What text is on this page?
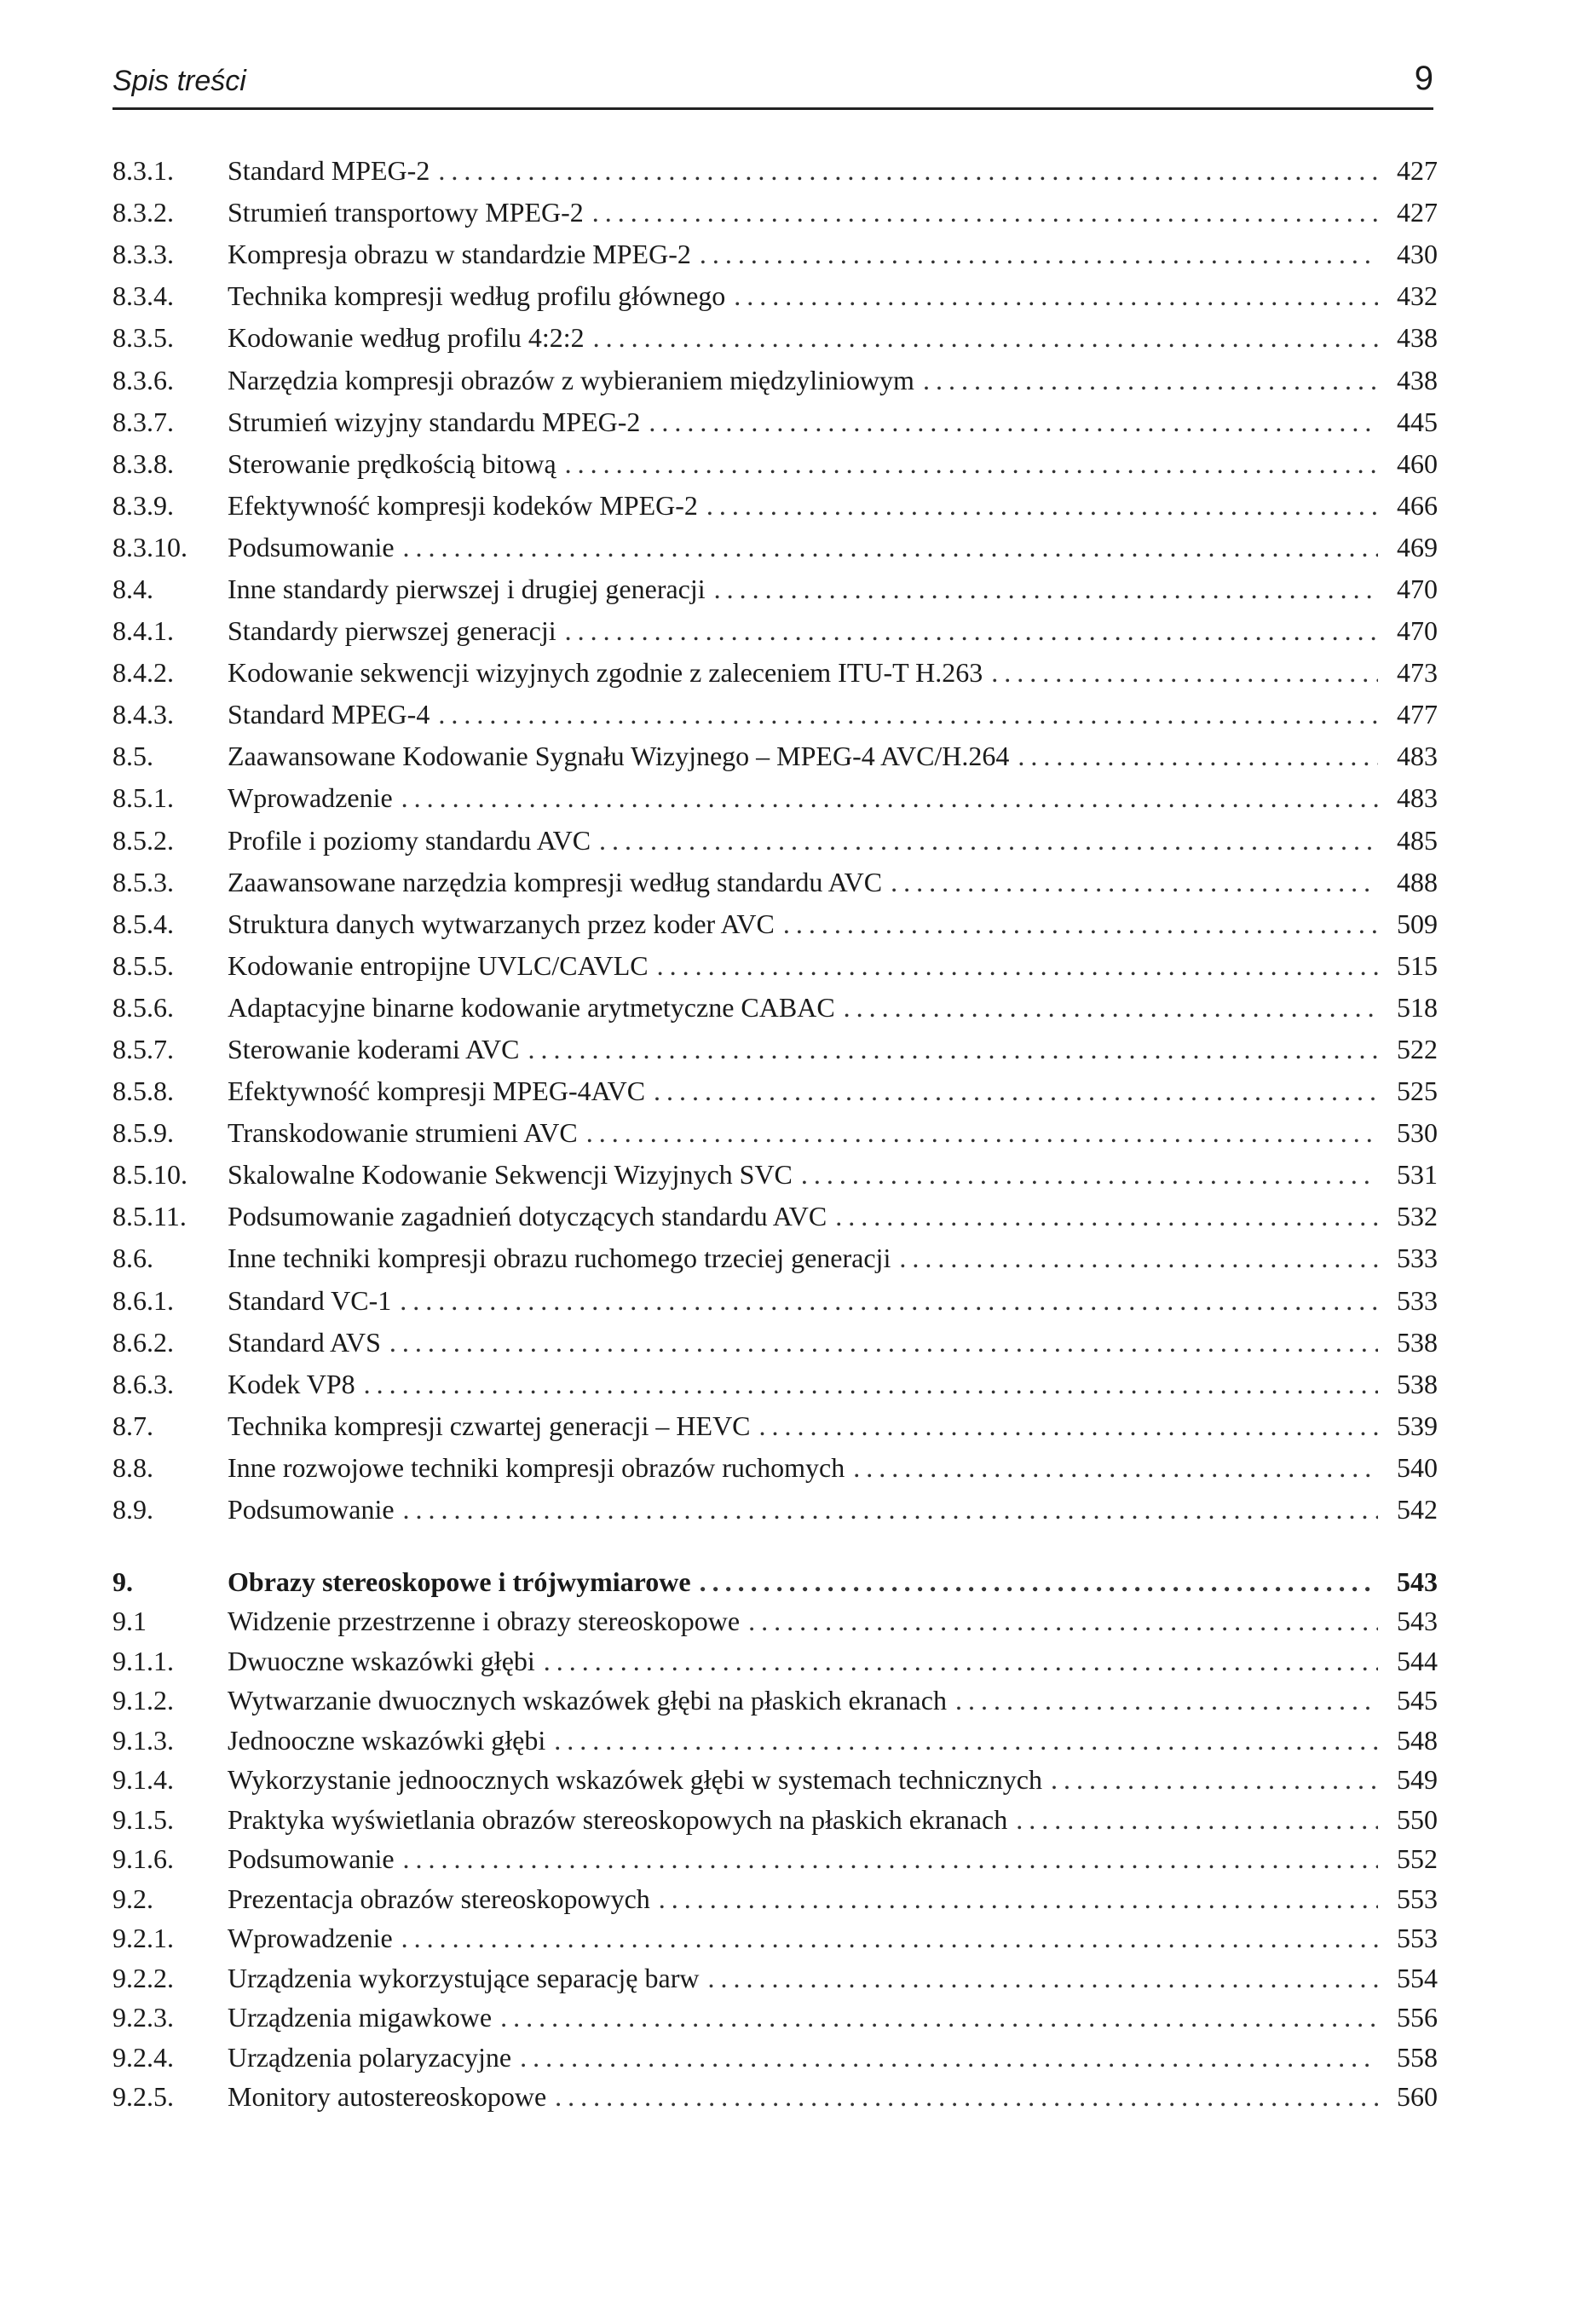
Spis treści	9
8.3.1.	Standard MPEG-2 . . .	427
8.3.2.	Strumień transportowy MPEG-2 . . .	427
8.3.3.	Kompresja obrazu w standardzie MPEG-2 . . .	430
8.3.4.	Technika kompresji według profilu głównego . . .	432
8.3.5.	Kodowanie według profilu 4:2:2 . . .	438
8.3.6.	Narzędzia kompresji obrazów z wybieraniem międzyliniowym . . .	438
8.3.7.	Strumień wizyjny standardu MPEG-2 . . .	445
8.3.8.	Sterowanie prędkością bitową . . .	460
8.3.9.	Efektywność kompresji kodeków MPEG-2 . . .	466
8.3.10.	Podsumowanie . . .	469
8.4.	Inne standardy pierwszej i drugiej generacji . . .	470
8.4.1.	Standardy pierwszej generacji . . .	470
8.4.2.	Kodowanie sekwencji wizyjnych zgodnie z zaleceniem ITU-T H.263 . . .	473
8.4.3.	Standard MPEG-4 . . .	477
8.5.	Zaawansowane Kodowanie Sygnału Wizyjnego – MPEG-4 AVC/H.264 . . .	483
8.5.1.	Wprowadzenie . . .	483
8.5.2.	Profile i poziomy standardu AVC . . .	485
8.5.3.	Zaawansowane narzędzia kompresji według standardu AVC . . .	488
8.5.4.	Struktura danych wytwarzanych przez koder AVC . . .	509
8.5.5.	Kodowanie entropijne UVLC/CAVLC . . .	515
8.5.6.	Adaptacyjne binarne kodowanie arytmetyczne CABAC . . .	518
8.5.7.	Sterowanie koderami AVC . . .	522
8.5.8.	Efektywność kompresji MPEG-4AVC . . .	525
8.5.9.	Transkodowanie strumieni AVC . . .	530
8.5.10.	Skalowalne Kodowanie Sekwencji Wizyjnych SVC . . .	531
8.5.11.	Podsumowanie zagadnień dotyczących standardu AVC . . .	532
8.6.	Inne techniki kompresji obrazu ruchomego trzeciej generacji . . .	533
8.6.1.	Standard VC-1 . . .	533
8.6.2.	Standard AVS . . .	538
8.6.3.	Kodek VP8 . . .	538
8.7.	Technika kompresji czwartej generacji – HEVC . . .	539
8.8.	Inne rozwojowe techniki kompresji obrazów ruchomych . . .	540
8.9.	Podsumowanie . . .	542
9.	Obrazy stereoskopowe i trójwymiarowe . . .	543
9.1	Widzenie przestrzenne i obrazy stereoskopowe . . .	543
9.1.1.	Dwuoczne wskazówki głębi . . .	544
9.1.2.	Wytwarzanie dwuocznych wskazówek głębi na płaskich ekranach . . .	545
9.1.3.	Jednooczne wskazówki głębi . . .	548
9.1.4.	Wykorzystanie jednoocznych wskazówek głębi w systemach technicznych . . .	549
9.1.5.	Praktyka wyświetlania obrazów stereoskopowych na płaskich ekranach . . .	550
9.1.6.	Podsumowanie . . .	552
9.2.	Prezentacja obrazów stereoskopowych . . .	553
9.2.1.	Wprowadzenie . . .	553
9.2.2.	Urządzenia wykorzystujące separację barw . . .	554
9.2.3.	Urządzenia migawkowe . . .	556
9.2.4.	Urządzenia polaryzacyjne . . .	558
9.2.5.	Monitory autostereoskopowe . . .	560
